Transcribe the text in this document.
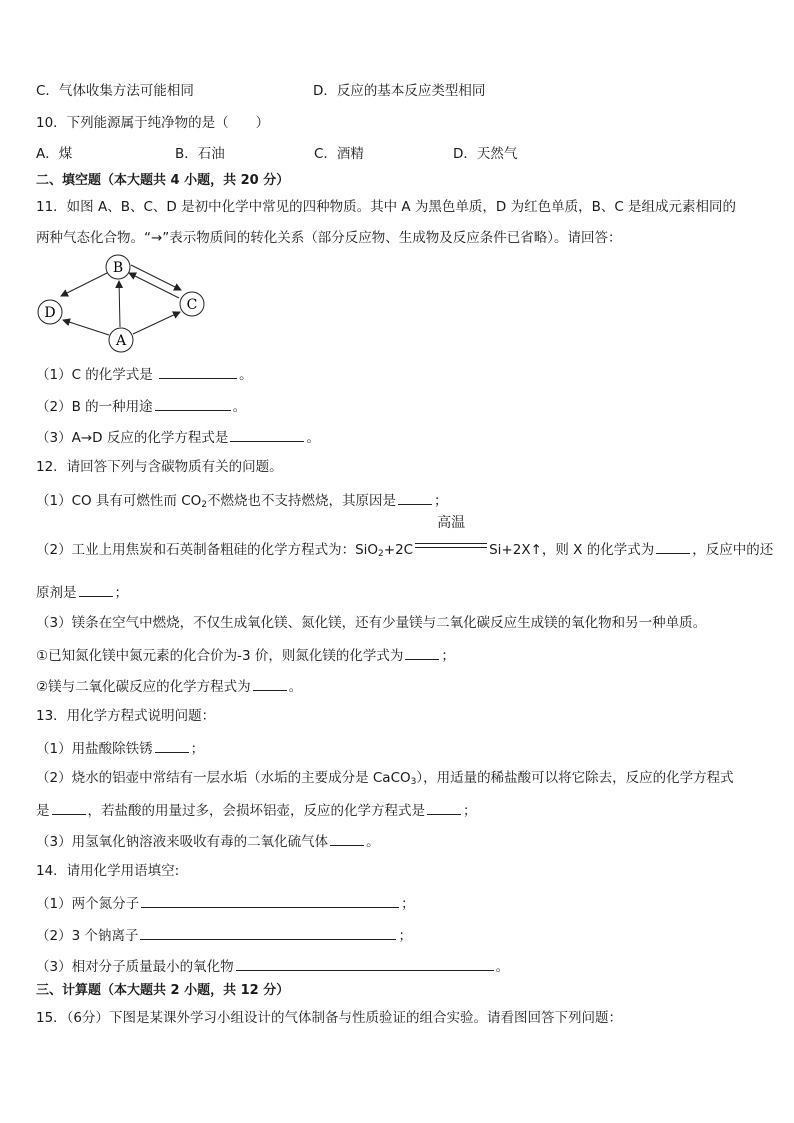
C．气体收集方法可能相同	D．反应的基本反应类型相同
10．下列能源属于纯净物的是（　　）
A．煤	B．石油	C．酒精	D．天然气
二、填空题（本大题共 4 小题，共 20 分）
11．如图 A、B、C、D 是初中化学中常见的四种物质。其中 A 为黑色单质，D 为红色单质，B、C 是组成元素相同的
两种气态化合物。“→”表示物质间的转化关系（部分反应物、生成物及反应条件已省略）。请回答：
B
C
D
A
（1）C 的化学式是	。
（2）B 的一种用途	。
（3）A→D 反应的化学方程式是	。
12．请回答下列与含碳物质有关的问题。
（1）CO 具有可燃性而 $CO_2$不燃烧也不支持燃烧，其原因是	；
（2）工业上用焦炭和石英制备粗硅的化学方程式为：SiO$_2$+2C
高温
Si+2X↑，则 X 的化学式为	，反应中的还
原剂是	；
（3）镁条在空气中燃烧，不仅生成氧化镁、氮化镁，还有少量镁与二氧化碳反应生成镁的氧化物和另一种单质。
①已知氮化镁中氮元素的化合价为-3 价，则氮化镁的化学式为	；
②镁与二氧化碳反应的化学方程式为	。
13．用化学方程式说明问题：
（1）用盐酸除铁锈	；
（2）烧水的铝壶中常结有一层水垢（水垢的主要成分是 CaCO$_3$），用适量的稀盐酸可以将它除去，反应的化学方程式
是	，若盐酸的用量过多，会损坏铝壶，反应的化学方程式是	；
（3）用氢氧化钠溶液来吸收有毒的二氧化硫气体	。
14．请用化学用语填空:
（1）两个氮分子	；
（2）3 个钠离子	；
（3）相对分子质量最小的氧化物	。
三、计算题（本大题共 2 小题，共 12 分）
15．（6分）下图是某课外学习小组设计的气体制备与性质验证的组合实验。请看图回答下列问题：
